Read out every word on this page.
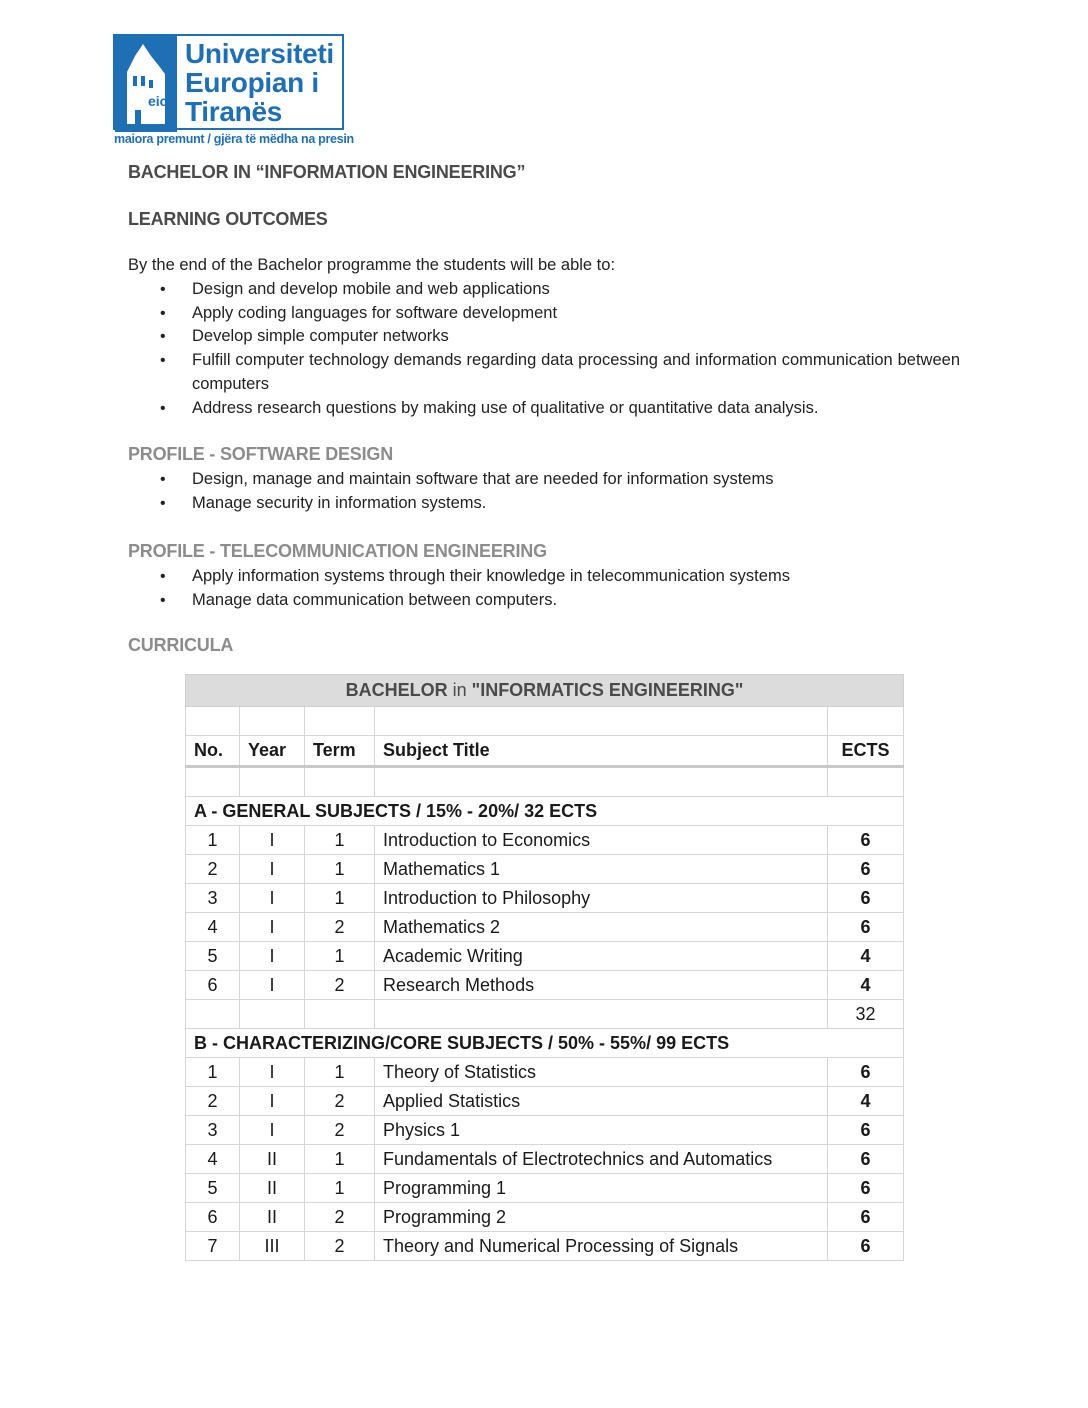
eic
Universiteti
Europian i
Tiranës
maiora premunt / gjëra të mëdha na presin
BACHELOR IN “INFORMATION ENGINEERING”
LEARNING OUTCOMES
By the end of the Bachelor programme the students will be able to:
• Design and develop mobile and web applications
• Apply coding languages for software development
• Develop simple computer networks
• Fulfill computer technology demands regarding data processing and information communication between computers
• Address research questions by making use of qualitative or quantitative data analysis.
PROFILE - SOFTWARE DESIGN
• Design, manage and maintain software that are needed for information systems
• Manage security in information systems.
PROFILE - TELECOMMUNICATION ENGINEERING
• Apply information systems through their knowledge in telecommunication systems
• Manage data communication between computers.
CURRICULA
BACHELOR in "INFORMATICS ENGINEERING"				

No.	Year	Term	Subject Title	ECTS

A - GENERAL SUBJECTS / 15% - 20%/ 32 ECTS				
1	I	1	Introduction to Economics	6
2	I	1	Mathematics 1	6
3	I	1	Introduction to Philosophy	6
4	I	2	Mathematics 2	6
5	I	1	Academic Writing	4
6	I	2	Research Methods	4
				32
B - CHARACTERIZING/CORE SUBJECTS / 50% - 55%/ 99 ECTS				
1	I	1	Theory of Statistics	6
2	I	2	Applied Statistics	4
3	I	2	Physics 1	6
4	II	1	Fundamentals of Electrotechnics and Automatics	6
5	II	1	Programming 1	6
6	II	2	Programming 2	6
7	III	2	Theory and Numerical Processing of Signals	6
